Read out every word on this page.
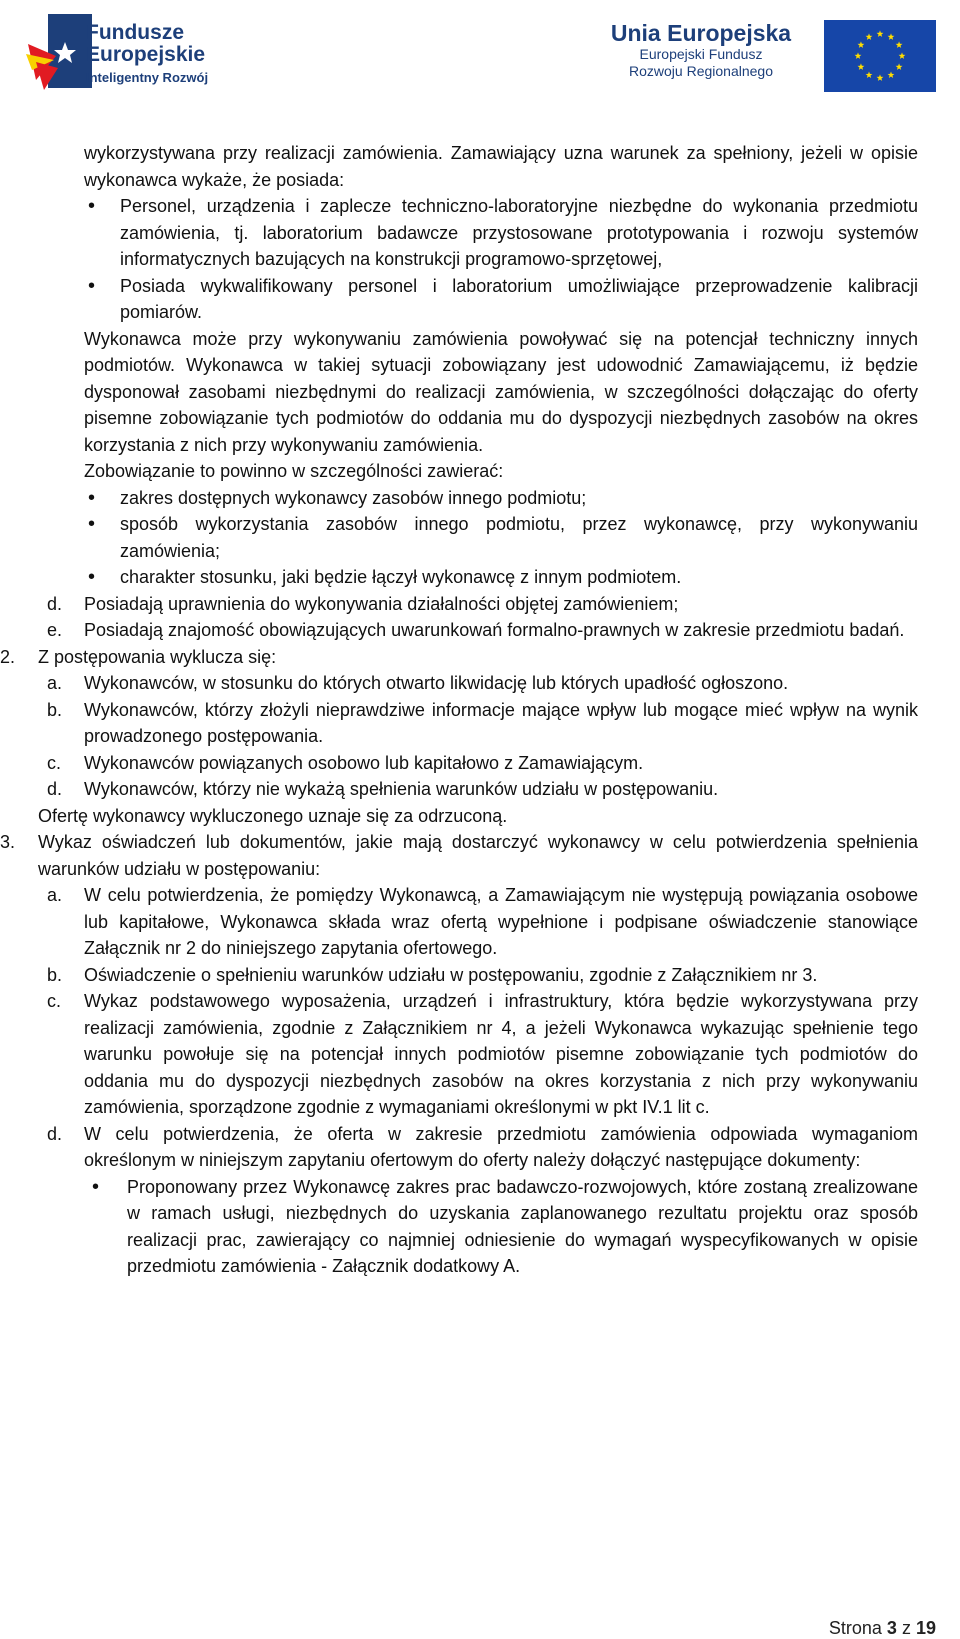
Fundusze
Europejskie
Inteligentny Rozwój
Unia Europejska
Europejski Fundusz
Rozwoju Regionalnego
wykorzystywana przy realizacji zamówienia. Zamawiający uzna warunek za spełniony, jeżeli w opisie wykonawca wykaże, że posiada:
• Personel, urządzenia i zaplecze techniczno-laboratoryjne niezbędne do wykonania przedmiotu zamówienia, tj. laboratorium badawcze przystosowane prototypowania i rozwoju systemów informatycznych bazujących na konstrukcji programowo-sprzętowej,
• Posiada wykwalifikowany personel i laboratorium umożliwiające przeprowadzenie kalibracji pomiarów.
Wykonawca może przy wykonywaniu zamówienia powoływać się na potencjał techniczny innych podmiotów. Wykonawca w takiej sytuacji zobowiązany jest udowodnić Zamawiającemu, iż będzie dysponował zasobami niezbędnymi do realizacji zamówienia, w szczególności dołączając do oferty pisemne zobowiązanie tych podmiotów do oddania mu do dyspozycji niezbędnych zasobów na okres korzystania z nich przy wykonywaniu zamówienia.
Zobowiązanie to powinno w szczególności zawierać:
• zakres dostępnych wykonawcy zasobów innego podmiotu;
• sposób wykorzystania zasobów innego podmiotu, przez wykonawcę, przy wykonywaniu zamówienia;
• charakter stosunku, jaki będzie łączył wykonawcę z innym podmiotem.
d. Posiadają uprawnienia do wykonywania działalności objętej zamówieniem;
e. Posiadają znajomość obowiązujących uwarunkowań formalno-prawnych w zakresie przedmiotu badań.
2. Z postępowania wyklucza się:
a. Wykonawców, w stosunku do których otwarto likwidację lub których upadłość ogłoszono.
b. Wykonawców, którzy złożyli nieprawdziwe informacje mające wpływ lub mogące mieć wpływ na wynik prowadzonego postępowania.
c. Wykonawców powiązanych osobowo lub kapitałowo z Zamawiającym.
d. Wykonawców, którzy nie wykażą spełnienia warunków udziału w postępowaniu.
Ofertę wykonawcy wykluczonego uznaje się za odrzuconą.
3. Wykaz oświadczeń lub dokumentów, jakie mają dostarczyć wykonawcy w celu potwierdzenia spełnienia warunków udziału w postępowaniu:
a. W celu potwierdzenia, że pomiędzy Wykonawcą, a Zamawiającym nie występują powiązania osobowe lub kapitałowe, Wykonawca składa wraz ofertą wypełnione i podpisane oświadczenie stanowiące Załącznik nr 2 do niniejszego zapytania ofertowego.
b. Oświadczenie o spełnieniu warunków udziału w postępowaniu, zgodnie z Załącznikiem nr 3.
c. Wykaz podstawowego wyposażenia, urządzeń i infrastruktury, która będzie wykorzystywana przy realizacji zamówienia, zgodnie z Załącznikiem nr 4, a jeżeli Wykonawca wykazując spełnienie tego warunku powołuje się na potencjał innych podmiotów pisemne zobowiązanie tych podmiotów do oddania mu do dyspozycji niezbędnych zasobów na okres korzystania z nich przy wykonywaniu zamówienia, sporządzone zgodnie z wymaganiami określonymi w pkt IV.1 lit c.
d. W celu potwierdzenia, że oferta w zakresie przedmiotu zamówienia odpowiada wymaganiom określonym w niniejszym zapytaniu ofertowym do oferty należy dołączyć następujące dokumenty:
• Proponowany przez Wykonawcę zakres prac badawczo-rozwojowych, które zostaną zrealizowane w ramach usługi, niezbędnych do uzyskania zaplanowanego rezultatu projektu oraz sposób realizacji prac, zawierający co najmniej odniesienie do wymagań wyspecyfikowanych w opisie przedmiotu zamówienia - Załącznik dodatkowy A.
Strona 3 z 19
